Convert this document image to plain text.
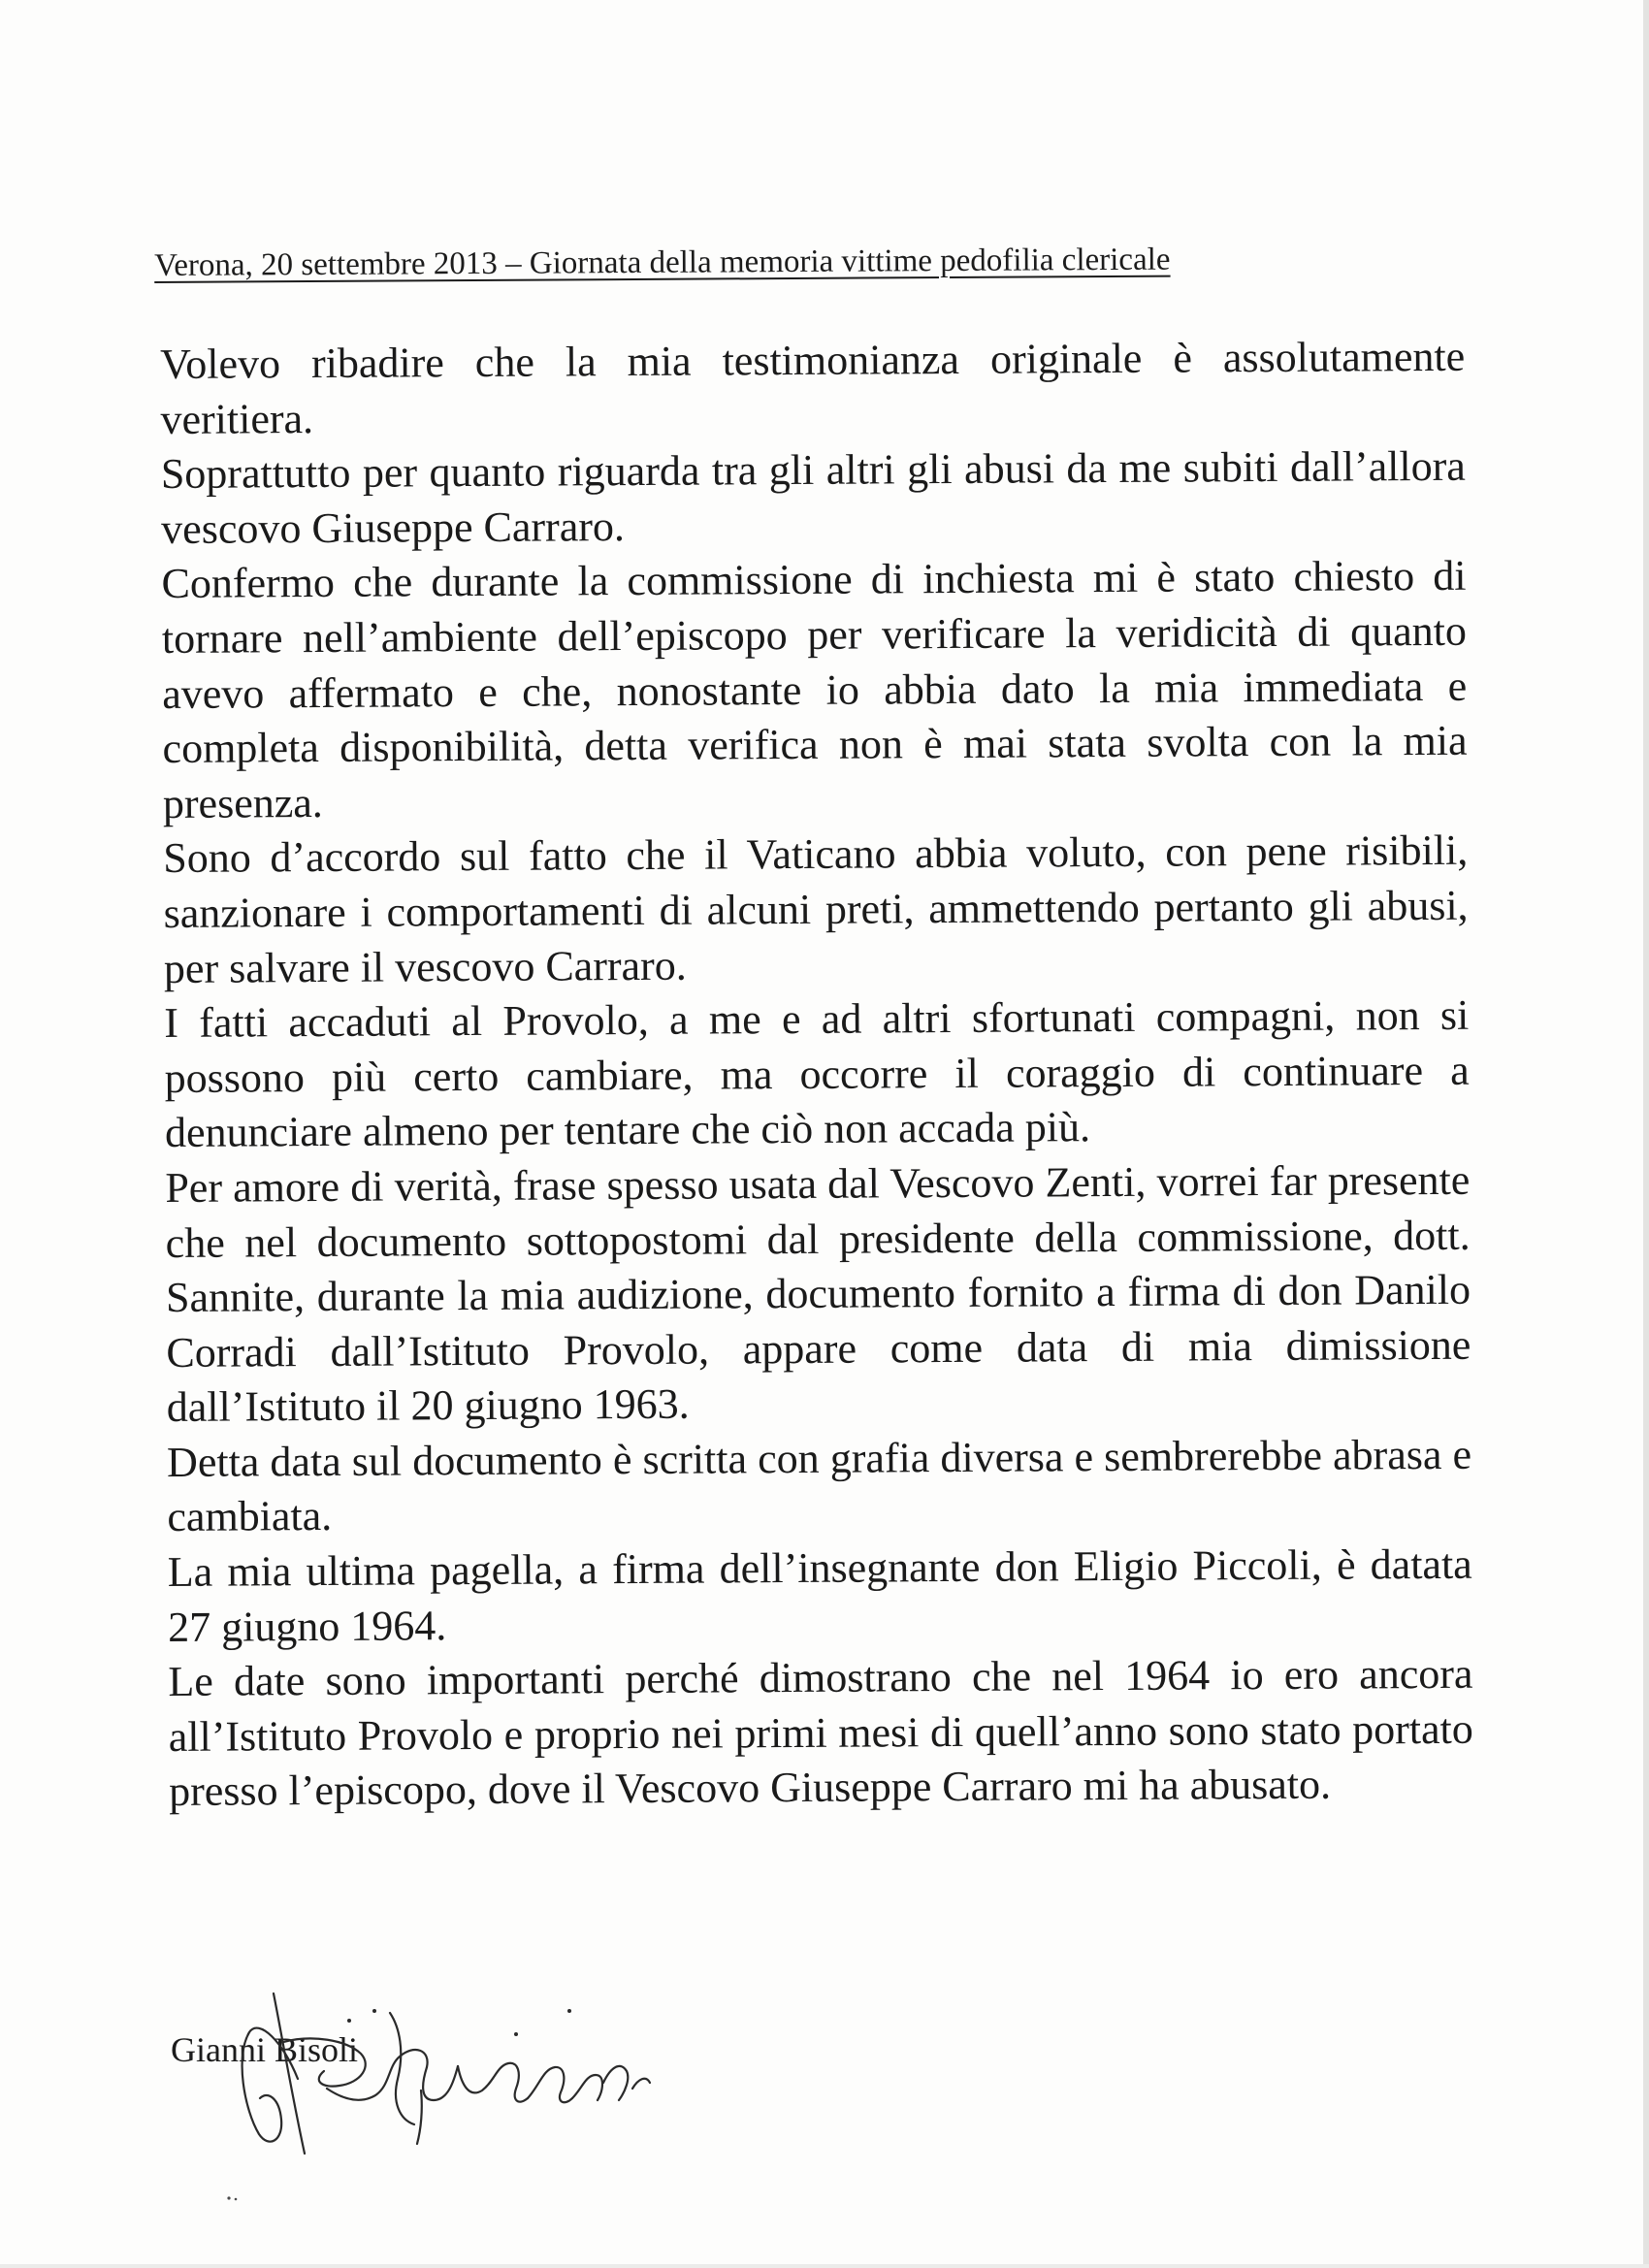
Verona, 20 settembre 2013 – Giornata della memoria vittime pedofilia clericale

Volevo ribadire che la mia testimonianza originale è assolutamente veritiera.

Soprattutto per quanto riguarda tra gli altri gli abusi da me subiti dall’allora vescovo Giuseppe Carraro.

Confermo che durante la commissione di inchiesta mi è stato chiesto di tornare nell’ambiente dell’episcopo per verificare la veridicità di quanto avevo affermato e che, nonostante io abbia dato la mia immediata e completa disponibilità, detta verifica non è mai stata svolta con la mia presenza.

Sono d’accordo sul fatto che il Vaticano abbia voluto, con pene risibili, sanzionare i comportamenti di alcuni preti, ammettendo pertanto gli abusi, per salvare il vescovo Carraro.

I fatti accaduti al Provolo, a me e ad altri sfortunati compagni, non si possono più certo cambiare, ma occorre il coraggio di continuare a denunciare almeno per tentare che ciò non accada più.

Per amore di verità, frase spesso usata dal Vescovo Zenti, vorrei far presente che nel documento sottopostomi dal presidente della commissione, dott. Sannite, durante la mia audizione, documento fornito a firma di don Danilo Corradi dall’Istituto Provolo, appare come data di mia dimissione dall’Istituto il 20 giugno 1963.

Detta data sul documento è scritta con grafia diversa e sembrerebbe abrasa e cambiata.

La mia ultima pagella, a firma dell’insegnante don Eligio Piccoli, è datata 27 giugno 1964.

Le date sono importanti perché dimostrano che nel 1964 io ero ancora all’Istituto Provolo e proprio nei primi mesi di quell’anno sono stato portato presso l’episcopo, dove il Vescovo Giuseppe Carraro mi ha abusato.

Gianni Bisoli
